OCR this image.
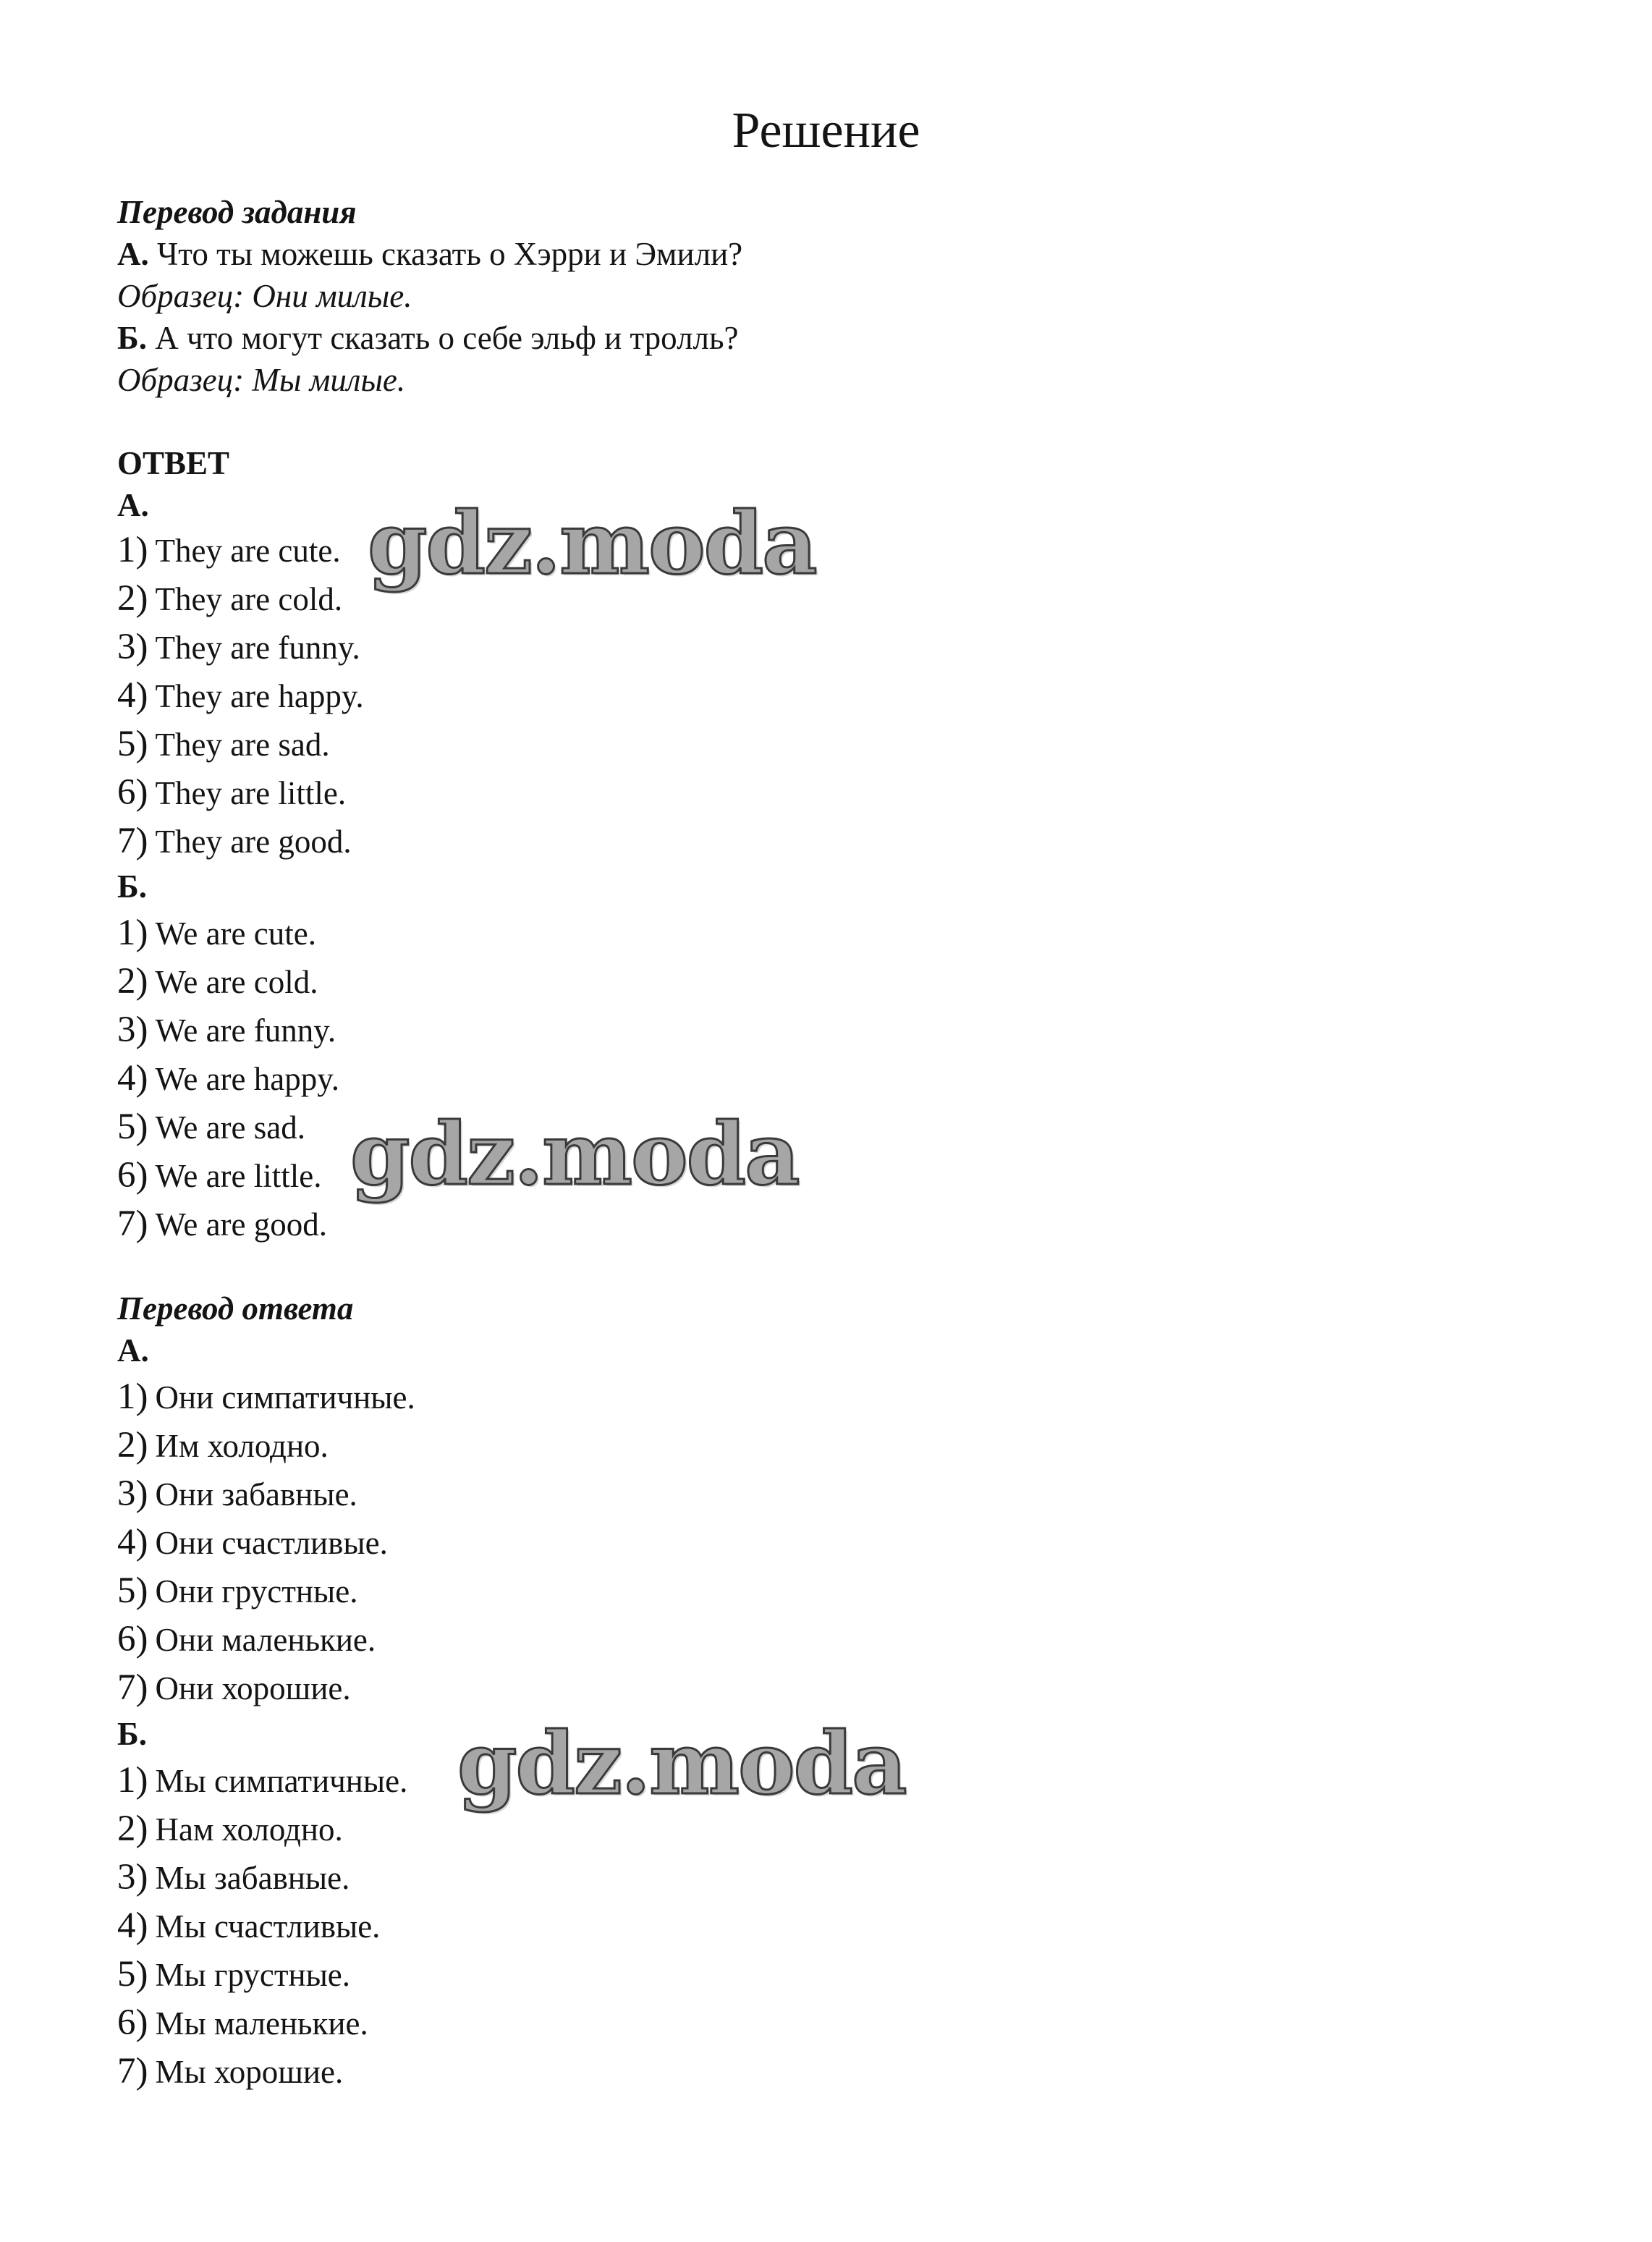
Решение
Перевод задания
А. Что ты можешь сказать о Хэрри и Эмили?
Образец: Они милые.
Б. А что могут сказать о себе эльф и тролль?
Образец: Мы милые.
ОТВЕТ
А.
1) They are cute.
2) They are cold.
3) They are funny.
4) They are happy.
5) They are sad.
6) They are little.
7) They are good.
Б.
1) We are cute.
2) We are cold.
3) We are funny.
4) We are happy.
5) We are sad.
6) We are little.
7) We are good.
Перевод ответа
А.
1) Они симпатичные.
2) Им холодно.
3) Они забавные.
4) Они счастливые.
5) Они грустные.
6) Они маленькие.
7) Они хорошие.
Б.
1) Мы симпатичные.
2) Нам холодно.
3) Мы забавные.
4) Мы счастливые.
5) Мы грустные.
6) Мы маленькие.
7) Мы хорошие.
gdz.moda
gdz.moda
gdz.moda
